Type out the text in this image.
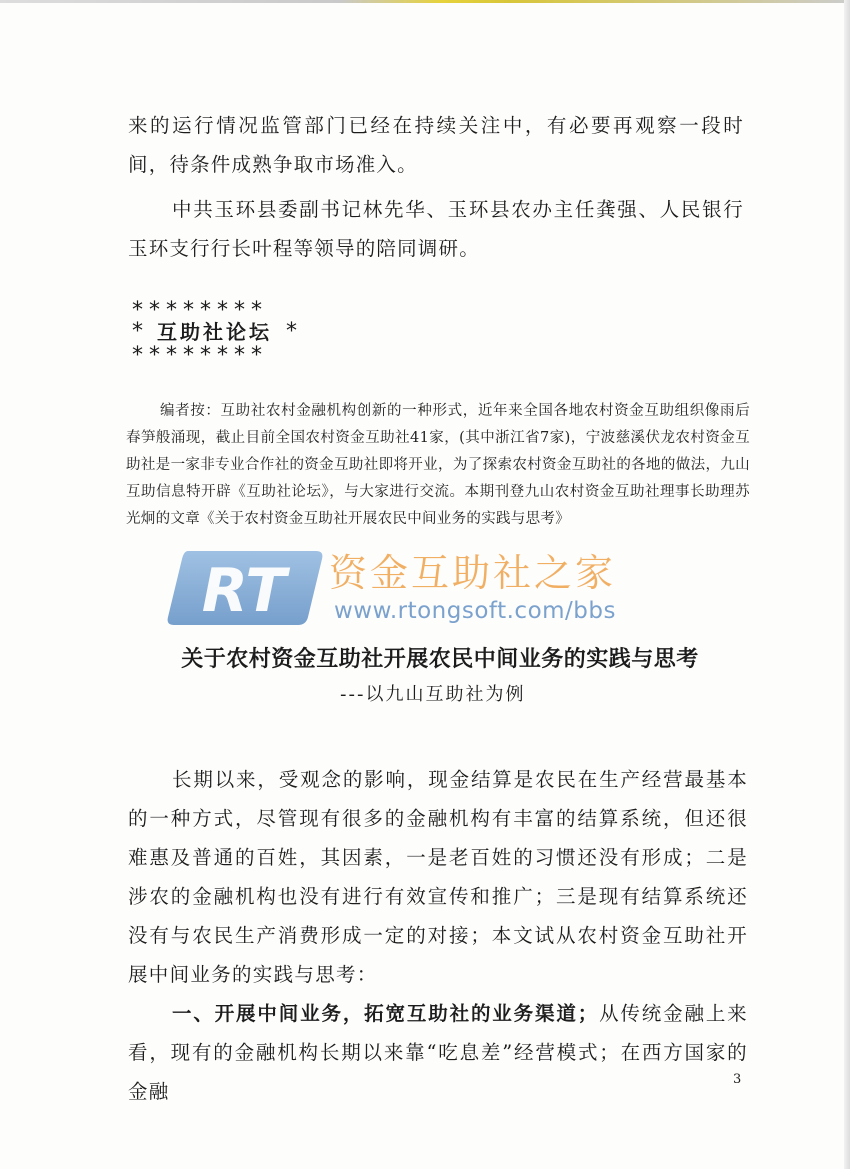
来的运行情况监管部门已经在持续关注中，有必要再观察一段时间，待条件成熟争取市场准入。

中共玉环县委副书记林先华、玉环县农办主任龚强、人民银行玉环支行行长叶程等领导的陪同调研。

********
* 互助社论坛 *
********

编者按：互助社农村金融机构创新的一种形式，近年来全国各地农村资金互助组织像雨后春笋般涌现，截止目前全国农村资金互助社41家，(其中浙江省7家)，宁波慈溪伏龙农村资金互助社是一家非专业合作社的资金互助社即将开业，为了探索农村资金互助社的各地的做法，九山互助信息特开辟《互助社论坛》，与大家进行交流。本期刊登九山农村资金互助社理事长助理苏光炯的文章《关于农村资金互助社开展农民中间业务的实践与思考》

RT 资金互助社之家
www.rtongsoft.com/bbs
关于农村资金互助社开展农民中间业务的实践与思考
---以九山互助社为例

长期以来，受观念的影响，现金结算是农民在生产经营最基本的一种方式，尽管现有很多的金融机构有丰富的结算系统，但还很难惠及普通的百姓，其因素，一是老百姓的习惯还没有形成；二是涉农的金融机构也没有进行有效宣传和推广；三是现有结算系统还没有与农民生产消费形成一定的对接；本文试从农村资金互助社开展中间业务的实践与思考：

一、开展中间业务，拓宽互助社的业务渠道；从传统金融上来看，现有的金融机构长期以来靠“吃息差”经营模式；在西方国家的金融

3
